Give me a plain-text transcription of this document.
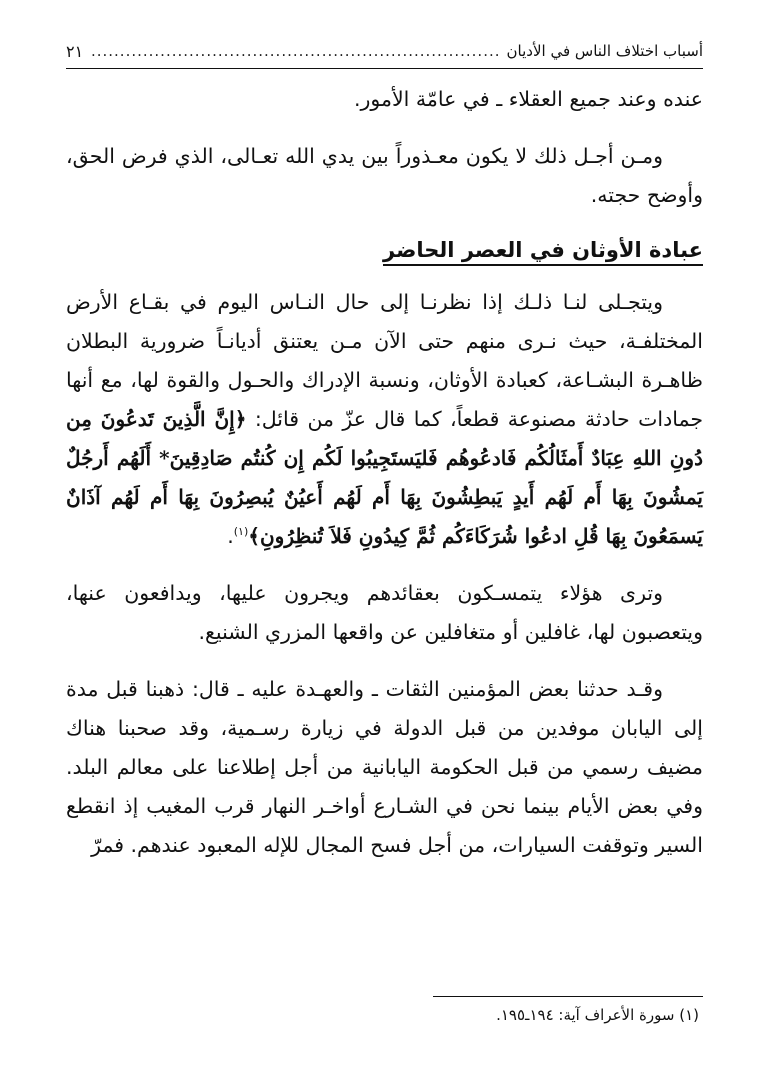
أسباب اختلاف الناس في الأديان
.....
٢١

عنده وعند جميع العقلاء ـ في عامّة الأمور.

ومـن أجـل ذلك لا يكون معـذوراً بين يدي الله تعـالى، الذي فرض الحق، وأوضح حجته.

عبادة الأوثان في العصر الحاضر

ويتجـلى لنـا ذلـك إذا نظرنـا إلى حال النـاس اليوم في بقـاع الأرض المختلفـة، حيث نـرى منهم حتى الآن مـن يعتنق أديانـاً ضرورية البطلان ظاهـرة البشـاعة، كعبادة الأوثان، ونسبة الإدراك والحـول والقوة لها، مع أنها جمادات حادثة مصنوعة قطعاً، كما قال عزّ من قائل: ﴿إِنَّ الَّذِينَ تَدعُونَ مِن دُونِ اللهِ عِبَادٌ أَمثَالُكُم فَادعُوهُم فَليَستَجِيبُوا لَكُم إِن كُنتُم صَادِقِينَ* أَلَهُم أَرجُلٌ يَمشُونَ بِهَا أَم لَهُم أَيدٍ يَبطِشُونَ بِهَا أَم لَهُم أَعيُنٌ يُبصِرُونَ بِهَا أَم لَهُم آذَانٌ يَسمَعُونَ بِهَا قُلِ ادعُوا شُرَكَاءَكُم ثُمَّ كِيدُونِ فَلاَ تُنظِرُونِ﴾$^{(١)}$.

وترى هؤلاء يتمسـكون بعقائدهم ويجرون عليها، ويدافعون عنها، ويتعصبون لها، غافلين أو متغافلين عن واقعها المزري الشنيع.

وقـد حدثنا بعض المؤمنين الثقات ـ والعهـدة عليه ـ قال: ذهبنا قبل مدة إلى اليابان موفدين من قبل الدولة في زيارة رسـمية، وقد صحبنا هناك مضيف رسمي من قبل الحكومة اليابانية من أجل إطلاعنا على معالم البلد. وفي بعض الأيام بينما نحن في الشـارع أواخـر النهار قرب المغيب إذ انقطع السير وتوقفت السيارات، من أجل فسح المجال للإله المعبود عندهم. فمرّ

(١) سورة الأعراف آية: ١٩٤ـ١٩٥.
